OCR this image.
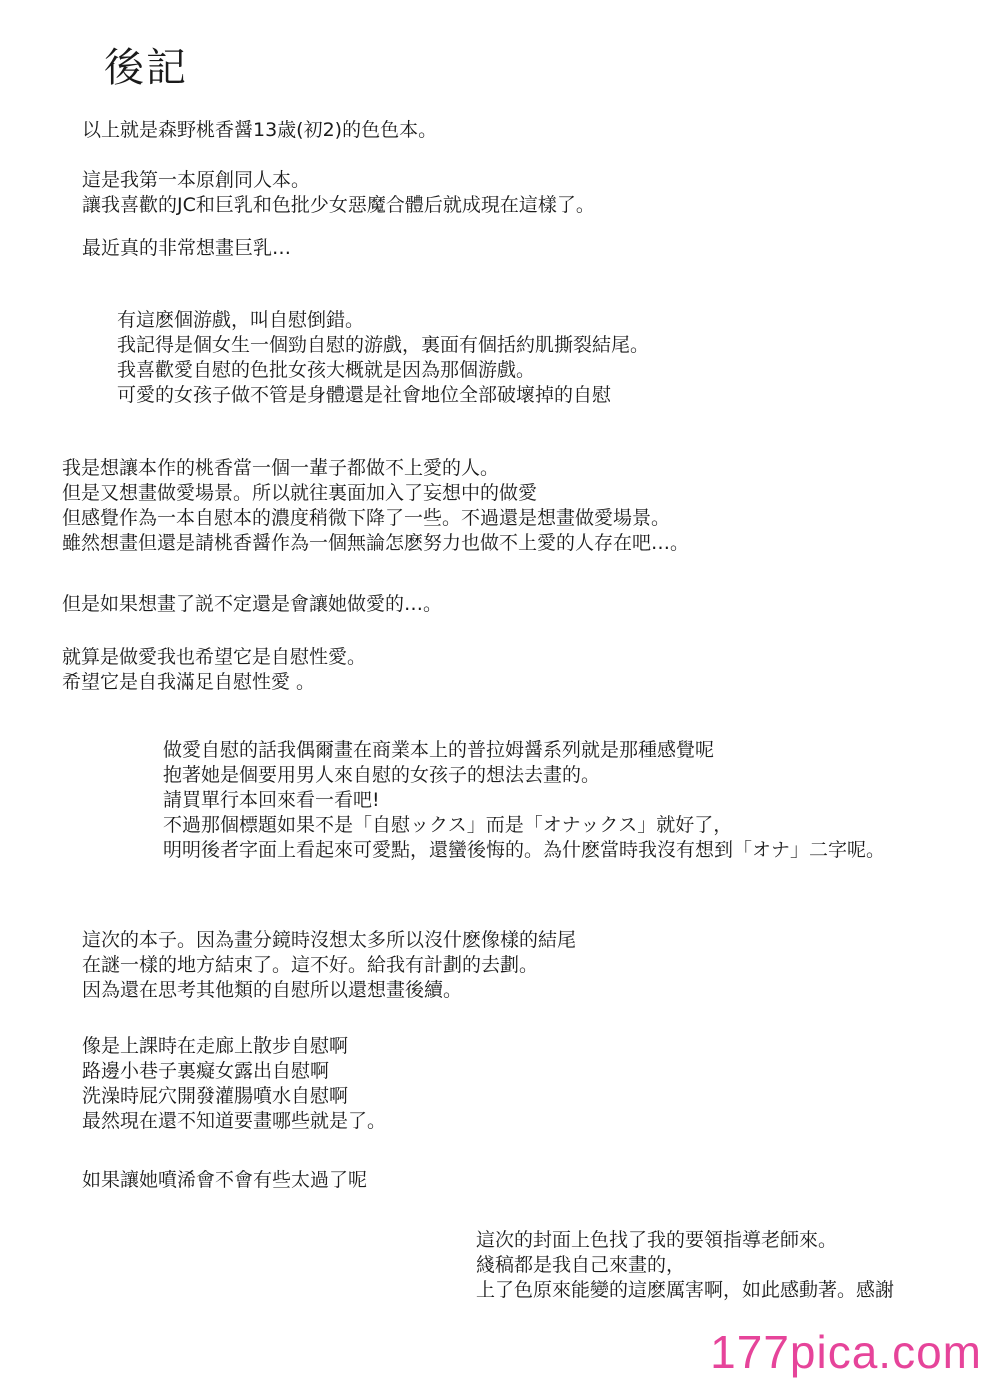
後記
以上就是森野桃香醤13歳(初2)的色色本。
這是我第一本原創同人本。
讓我喜歡的JC和巨乳和色批少女惡魔合體后就成現在這樣了。
最近真的非常想畫巨乳…
有這麽個游戲，叫自慰倒錯。
我記得是個女生一個勁自慰的游戲，裏面有個括約肌撕裂結尾。
我喜歡愛自慰的色批女孩大概就是因為那個游戲。
可愛的女孩子做不管是身體還是社會地位全部破壞掉的自慰
我是想讓本作的桃香當一個一輩子都做不上愛的人。
但是又想畫做愛場景。所以就往裏面加入了妄想中的做愛
但感覺作為一本自慰本的濃度稍微下降了一些。不過還是想畫做愛場景。
雖然想畫但還是請桃香醤作為一個無論怎麽努力也做不上愛的人存在吧…。
但是如果想畫了説不定還是會讓她做愛的…。
就算是做愛我也希望它是自慰性愛。
希望它是自我滿足自慰性愛 。
做愛自慰的話我偶爾畫在商業本上的普拉姆醤系列就是那種感覺呢
抱著她是個要用男人來自慰的女孩子的想法去畫的。
請買單行本回來看一看吧!
不過那個標題如果不是「自慰ックス」而是「オナックス」就好了，
明明後者字面上看起來可愛點，還蠻後悔的。為什麽當時我沒有想到「オナ」二字呢。
這次的本子。因為畫分鏡時沒想太多所以沒什麽像樣的結尾
在謎一樣的地方結束了。這不好。給我有計劃的去劃。
因為還在思考其他類的自慰所以還想畫後續。
像是上課時在走廊上散步自慰啊
路邊小巷子裏癡女露出自慰啊
洗澡時屁穴開發灌腸噴水自慰啊
最然現在還不知道要畫哪些就是了。
如果讓她噴浠會不會有些太過了呢
這次的封面上色找了我的要領指導老師來。
綫稿都是我自己來畫的，
上了色原來能變的這麽厲害啊，如此感動著。感謝
177pica.com
